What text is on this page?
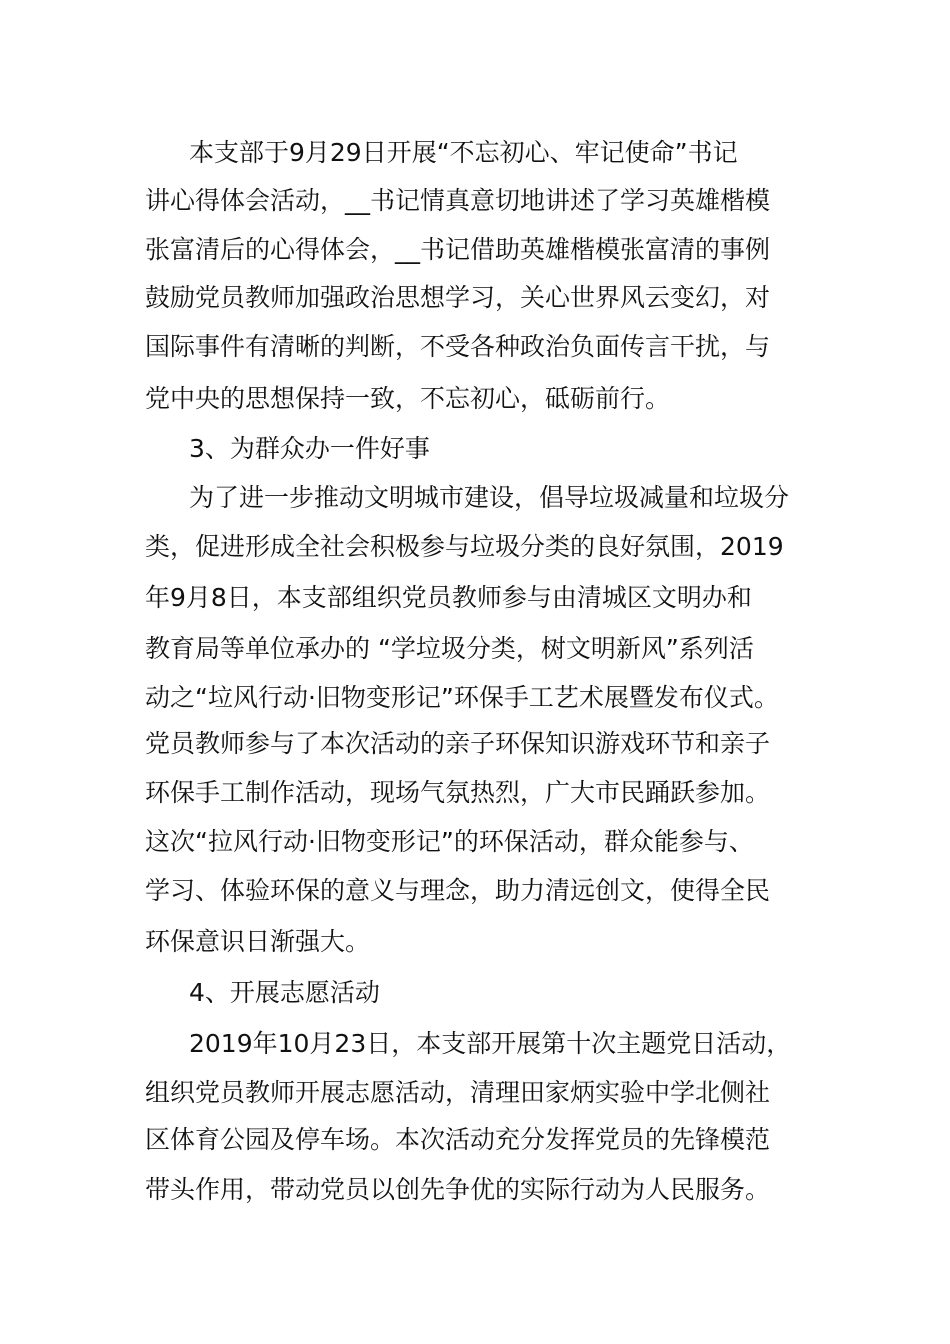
本支部于9月29日开展“不忘初心、牢记使命”书记
讲心得体会活动，__书记情真意切地讲述了学习英雄楷模
张富清后的心得体会，__书记借助英雄楷模张富清的事例
鼓励党员教师加强政治思想学习，关心世界风云变幻，对
国际事件有清晰的判断，不受各种政治负面传言干扰，与
党中央的思想保持一致，不忘初心，砥砺前行。
3、为群众办一件好事
为了进一步推动文明城市建设，倡导垃圾减量和垃圾分
类，促进形成全社会积极参与垃圾分类的良好氛围，2019
年9月8日，本支部组织党员教师参与由清城区文明办和
教育局等单位承办的 “学垃圾分类，树文明新风”系列活
动之“垃风行动·旧物变形记”环保手工艺术展暨发布仪式。
党员教师参与了本次活动的亲子环保知识游戏环节和亲子
环保手工制作活动，现场气氛热烈，广大市民踊跃参加。
这次“拉风行动·旧物变形记”的环保活动，群众能参与、
学习、体验环保的意义与理念，助力清远创文，使得全民
环保意识日渐强大。
4、开展志愿活动
2019年10月23日，本支部开展第十次主题党日活动，
组织党员教师开展志愿活动，清理田家炳实验中学北侧社
区体育公园及停车场。本次活动充分发挥党员的先锋模范
带头作用，带动党员以创先争优的实际行动为人民服务。
